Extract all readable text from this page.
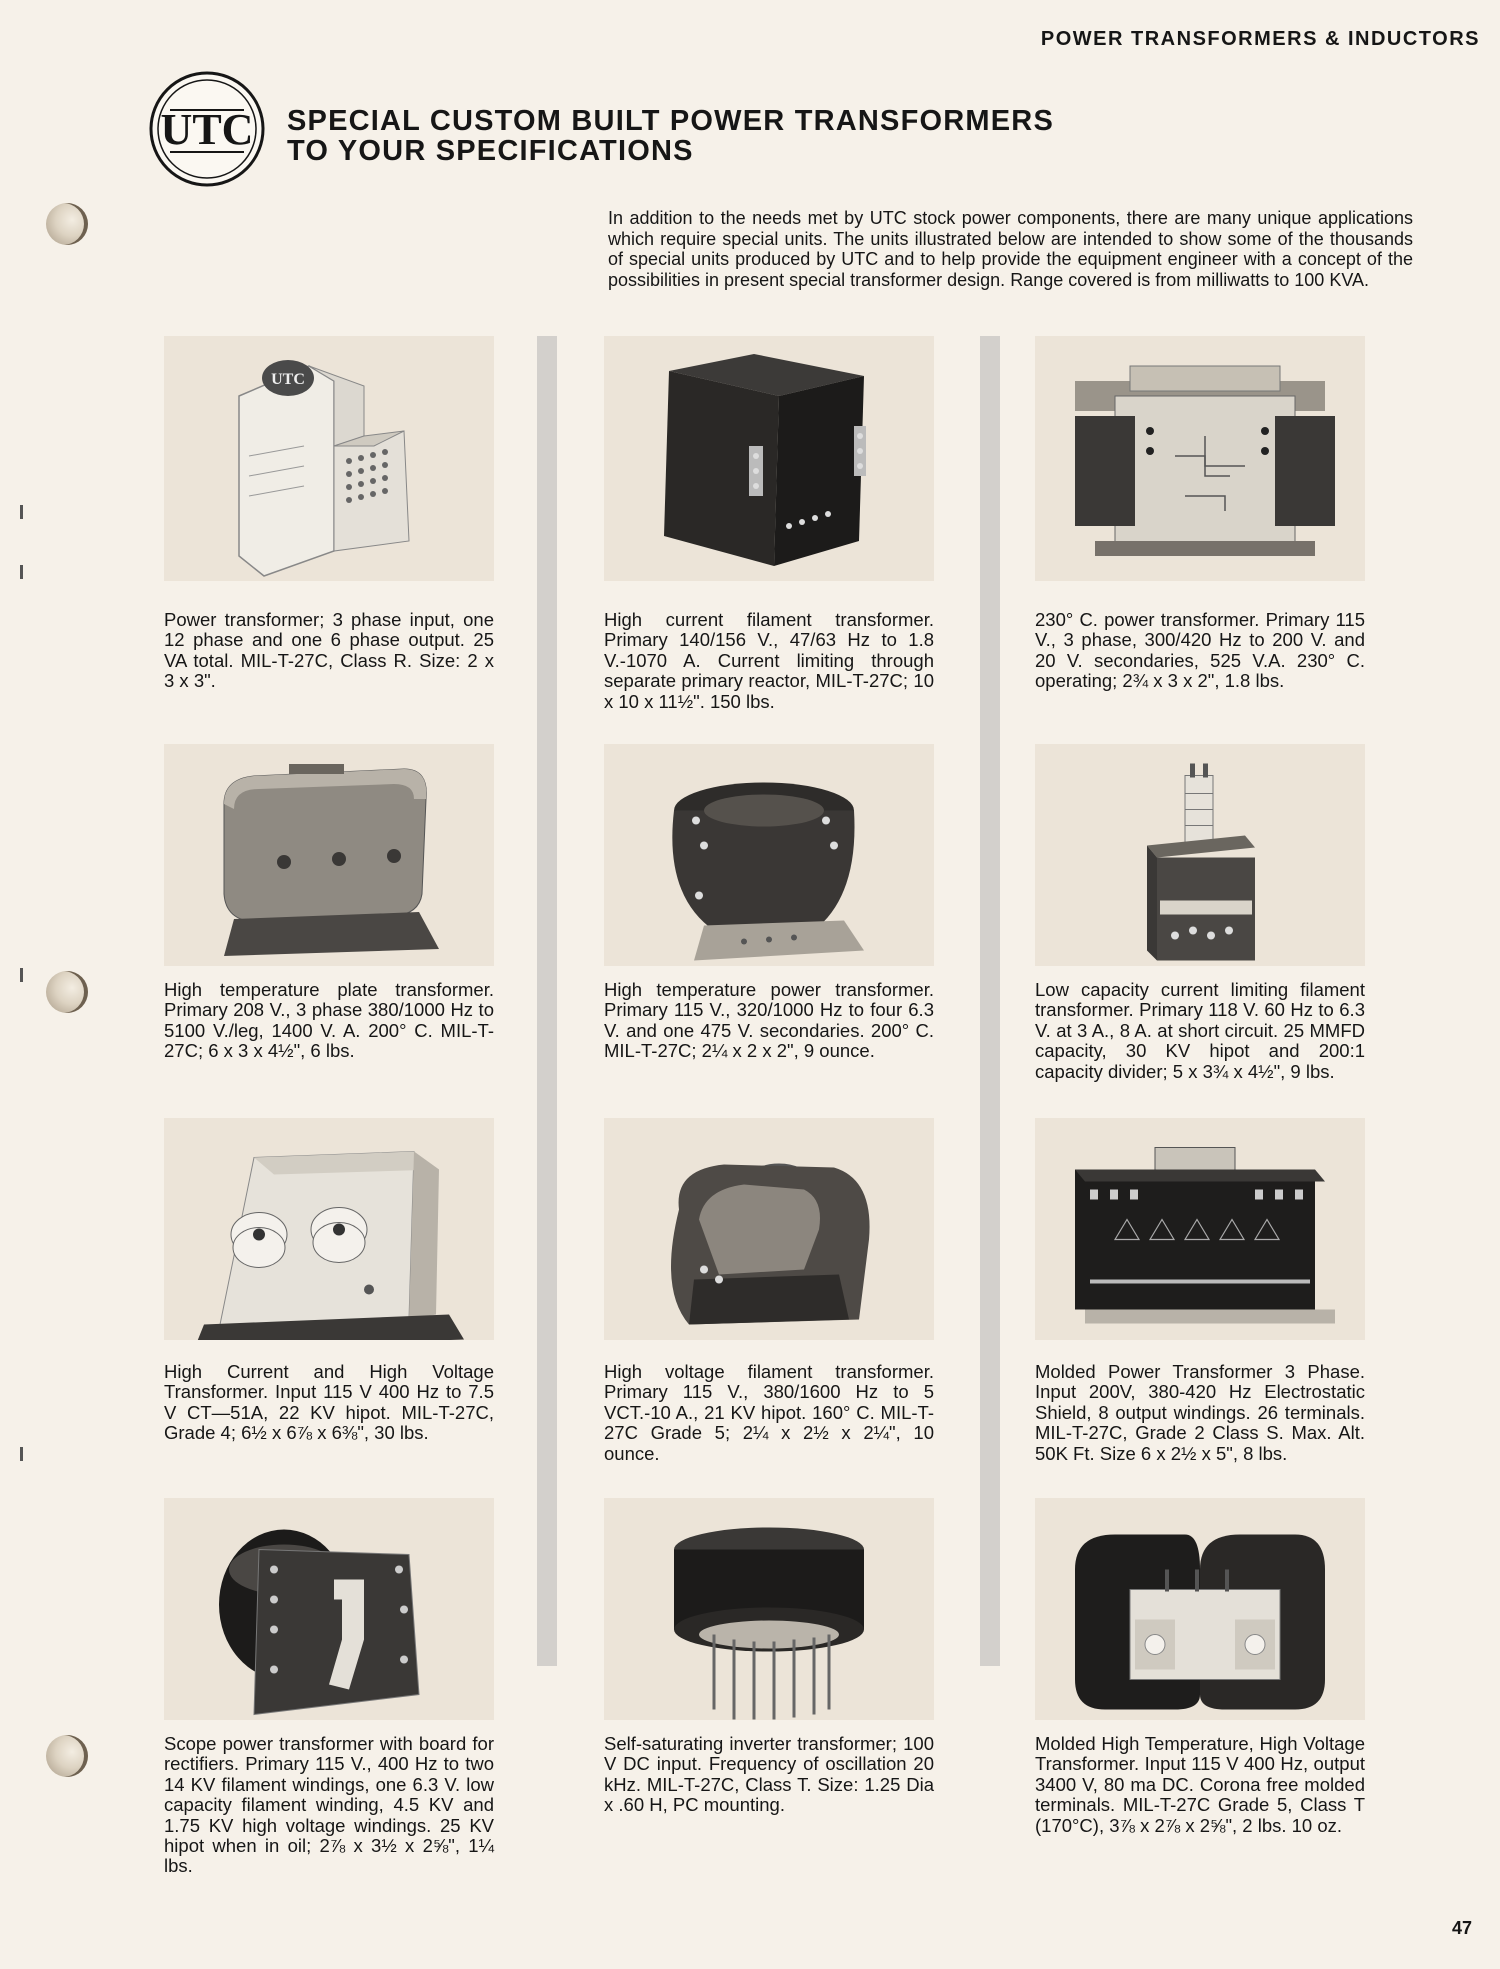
POWER TRANSFORMERS & INDUCTORS
UTC SPECIAL CUSTOM BUILT POWER TRANSFORMERS
TO YOUR SPECIFICATIONS
In addition to the needs met by UTC stock power components, there are many unique applications which require special units. The units illustrated below are intended to show some of the thousands of special units produced by UTC and to help provide the equipment engineer with a concept of the possibilities in present special transformer design. Range covered is from milliwatts to 100 KVA.
UTC
Power transformer; 3 phase input, one 12 phase and one 6 phase output. 25 VA total. MIL-T-27C, Class R. Size: 2 x 3 x 3".
High current filament transformer. Primary 140/156 V., 47/63 Hz to 1.8 V.-1070 A. Current limiting through separate primary reactor, MIL-T-27C; 10 x 10 x 11½". 150 lbs.
230° C. power transformer. Primary 115 V., 3 phase, 300/420 Hz to 200 V. and 20 V. secondaries, 525 V.A. 230° C. operating; 2¾ x 3 x 2", 1.8 lbs.
High temperature plate transformer. Primary 208 V., 3 phase 380/1000 Hz to 5100 V./leg, 1400 V. A. 200° C. MIL-T-27C; 6 x 3 x 4½", 6 lbs.
High temperature power transformer. Primary 115 V., 320/1000 Hz to four 6.3 V. and one 475 V. secondaries. 200° C. MIL-T-27C; 2¼ x 2 x 2", 9 ounce.
Low capacity current limiting filament transformer. Primary 118 V. 60 Hz to 6.3 V. at 3 A., 8 A. at short circuit. 25 MMFD capacity, 30 KV hipot and 200:1 capacity divider; 5 x 3¾ x 4½", 9 lbs.
High Current and High Voltage Transformer. Input 115 V 400 Hz to 7.5 V CT—51A, 22 KV hipot. MIL-T-27C, Grade 4; 6½ x 6⅞ x 6⅜", 30 lbs.
High voltage filament transformer. Primary 115 V., 380/1600 Hz to 5 VCT.-10 A., 21 KV hipot. 160° C. MIL-T-27C Grade 5; 2¼ x 2½ x 2¼", 10 ounce.
Molded Power Transformer 3 Phase. Input 200V, 380-420 Hz Electrostatic Shield, 8 output windings. 26 terminals. MIL-T-27C, Grade 2 Class S. Max. Alt. 50K Ft. Size 6 x 2½ x 5", 8 lbs.
Scope power transformer with board for rectifiers. Primary 115 V., 400 Hz to two 14 KV filament windings, one 6.3 V. low capacity filament winding, 4.5 KV and 1.75 KV high voltage windings. 25 KV hipot when in oil; 2⅞ x 3½ x 2⅝", 1¼ lbs.
Self-saturating inverter transformer; 100 V DC input. Frequency of oscillation 20 kHz. MIL-T-27C, Class T. Size: 1.25 Dia x .60 H, PC mounting.
Molded High Temperature, High Voltage Transformer. Input 115 V 400 Hz, output 3400 V, 80 ma DC. Corona free molded terminals. MIL-T-27C Grade 5, Class T (170°C), 3⅞ x 2⅞ x 2⅝", 2 lbs. 10 oz.
47
